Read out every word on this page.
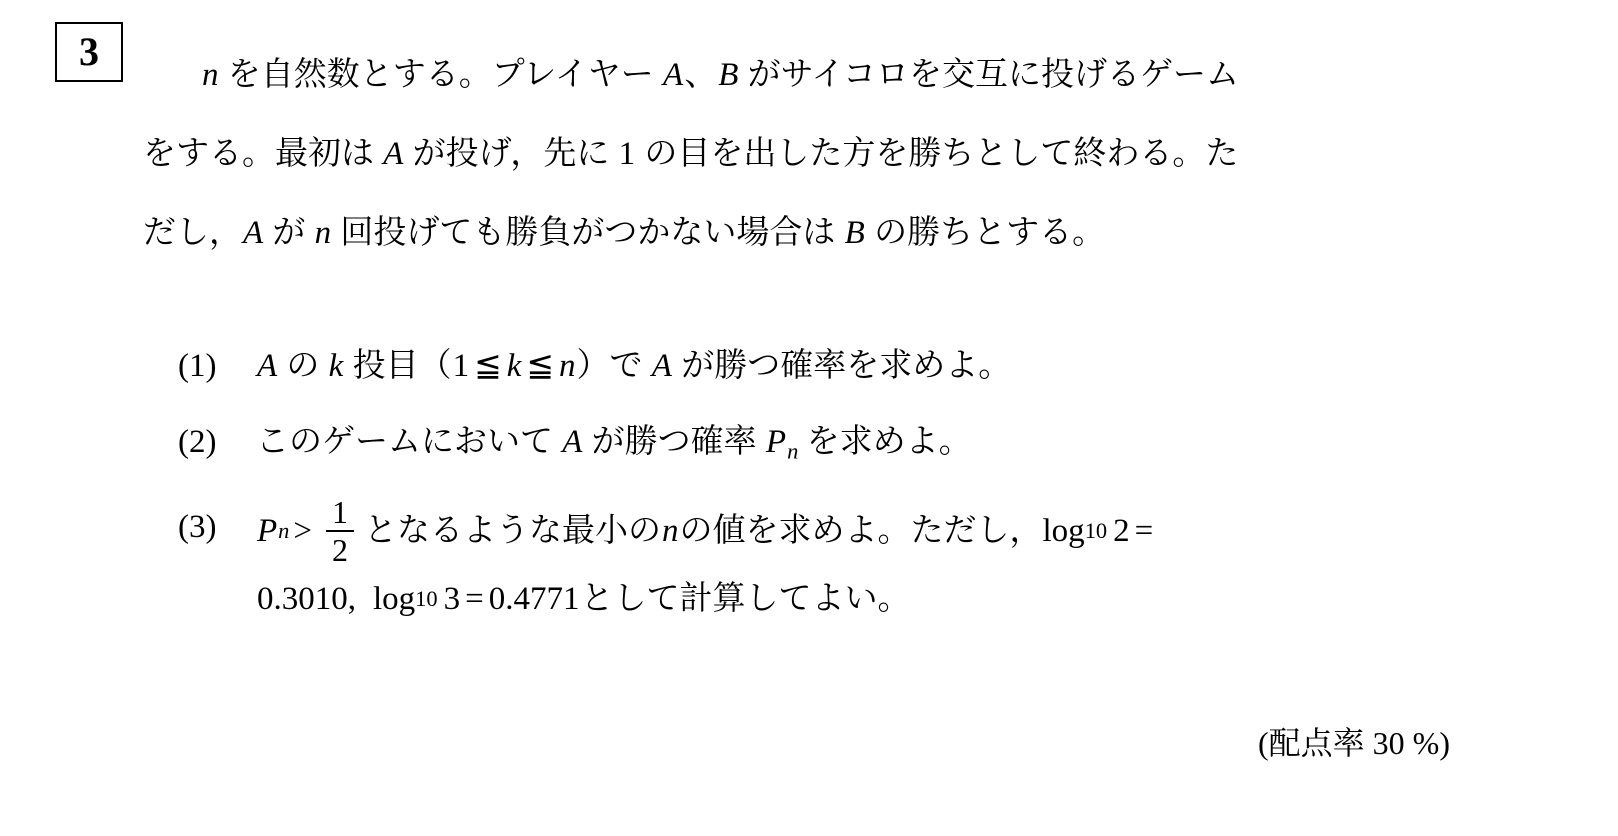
3
n を自然数とする。プレイヤー A、B がサイコロを交互に投げるゲーム
をする。最初は A が投げ，先に 1 の目を出した方を勝ちとして終わる。た
だし，A が n 回投げても勝負がつかない場合は B の勝ちとする。
(1)	A の k 投目（1 ≦ k ≦ n）で A が勝つ確率を求めよ。
(2)	このゲームにおいて A が勝つ確率 $P_n$ を求めよ。
(3)	P $n > \frac{1}{2}$ となるような最小の n の値を求めよ。ただし， log 10 2 =
0.3010, log 10 3 = 0.4771 として計算してよい。
(配点率 30 %)
